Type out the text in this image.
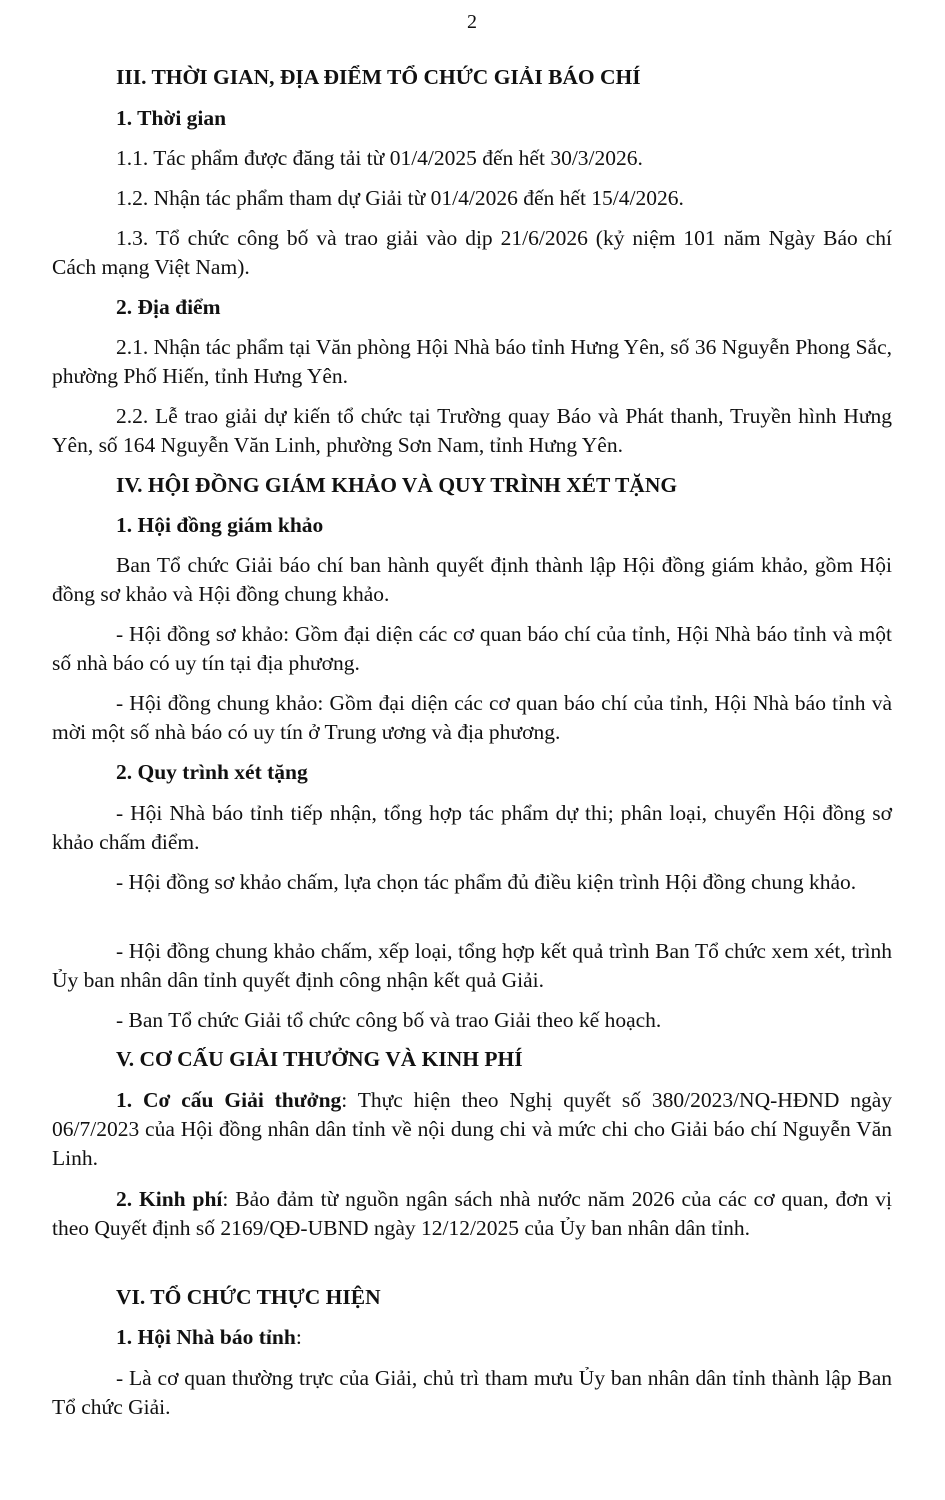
2

III. THỜI GIAN, ĐỊA ĐIỂM TỔ CHỨC GIẢI BÁO CHÍ

1. Thời gian

1.1. Tác phẩm được đăng tải từ 01/4/2025 đến hết 30/3/2026.

1.2. Nhận tác phẩm tham dự Giải từ 01/4/2026 đến hết 15/4/2026.

1.3. Tổ chức công bố và trao giải vào dịp 21/6/2026 (kỷ niệm 101 năm Ngày Báo chí Cách mạng Việt Nam).

2. Địa điểm

2.1. Nhận tác phẩm tại Văn phòng Hội Nhà báo tỉnh Hưng Yên, số 36 Nguyễn Phong Sắc, phường Phố Hiến, tỉnh Hưng Yên.

2.2. Lễ trao giải dự kiến tổ chức tại Trường quay Báo và Phát thanh, Truyền hình Hưng Yên, số 164 Nguyễn Văn Linh, phường Sơn Nam, tỉnh Hưng Yên.

IV. HỘI ĐỒNG GIÁM KHẢO VÀ QUY TRÌNH XÉT TẶNG

1. Hội đồng giám khảo

Ban Tổ chức Giải báo chí ban hành quyết định thành lập Hội đồng giám khảo, gồm Hội đồng sơ khảo và Hội đồng chung khảo.

- Hội đồng sơ khảo: Gồm đại diện các cơ quan báo chí của tỉnh, Hội Nhà báo tỉnh và một số nhà báo có uy tín tại địa phương.

- Hội đồng chung khảo: Gồm đại diện các cơ quan báo chí của tỉnh, Hội Nhà báo tỉnh và mời một số nhà báo có uy tín ở Trung ương và địa phương.

2. Quy trình xét tặng

- Hội Nhà báo tỉnh tiếp nhận, tổng hợp tác phẩm dự thi; phân loại, chuyển Hội đồng sơ khảo chấm điểm.

- Hội đồng sơ khảo chấm, lựa chọn tác phẩm đủ điều kiện trình Hội đồng chung khảo.

- Hội đồng chung khảo chấm, xếp loại, tổng hợp kết quả trình Ban Tổ chức xem xét, trình Ủy ban nhân dân tỉnh quyết định công nhận kết quả Giải.

- Ban Tổ chức Giải tổ chức công bố và trao Giải theo kế hoạch.

V. CƠ CẤU GIẢI THƯỞNG VÀ KINH PHÍ

1. Cơ cấu Giải thưởng: Thực hiện theo Nghị quyết số 380/2023/NQ-HĐND ngày 06/7/2023 của Hội đồng nhân dân tỉnh về nội dung chi và mức chi cho Giải báo chí Nguyễn Văn Linh.

2. Kinh phí: Bảo đảm từ nguồn ngân sách nhà nước năm 2026 của các cơ quan, đơn vị theo Quyết định số 2169/QĐ-UBND ngày 12/12/2025 của Ủy ban nhân dân tỉnh.

VI. TỔ CHỨC THỰC HIỆN

1. Hội Nhà báo tỉnh:

- Là cơ quan thường trực của Giải, chủ trì tham mưu Ủy ban nhân dân tỉnh thành lập Ban Tổ chức Giải.
